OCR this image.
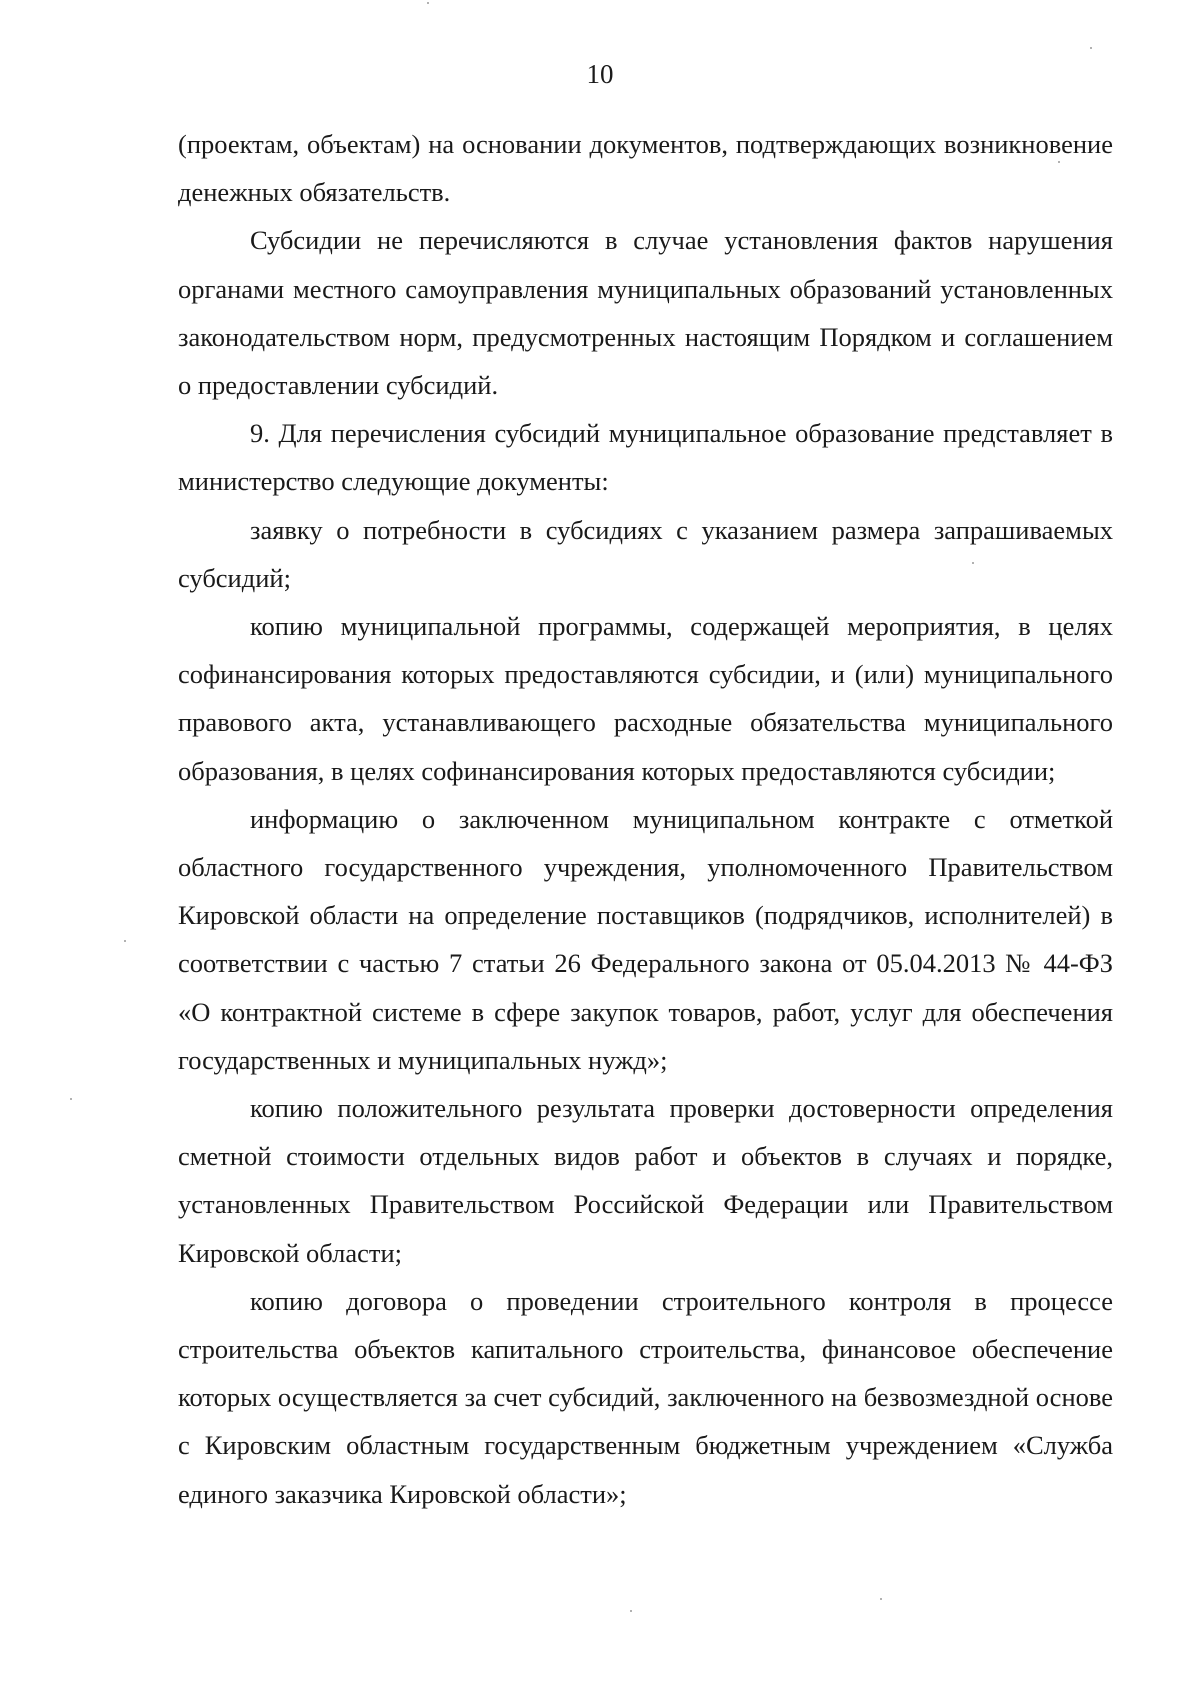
10

(проектам, объектам) на основании документов, подтверждающих возникновение денежных обязательств.

Субсидии не перечисляются в случае установления фактов нарушения органами местного самоуправления муниципальных образований установленных законодательством норм, предусмотренных настоящим Порядком и соглашением о предоставлении субсидий.

9. Для перечисления субсидий муниципальное образование представляет в министерство следующие документы:

заявку о потребности в субсидиях с указанием размера запрашиваемых субсидий;

копию муниципальной программы, содержащей мероприятия, в целях софинансирования которых предоставляются субсидии, и (или) муниципального правового акта, устанавливающего расходные обязательства муниципального образования, в целях софинансирования которых предоставляются субсидии;

информацию о заключенном муниципальном контракте с отметкой областного государственного учреждения, уполномоченного Правительством Кировской области на определение поставщиков (подрядчиков, исполнителей) в соответствии с частью 7 статьи 26 Федерального закона от 05.04.2013 № 44-ФЗ «О контрактной системе в сфере закупок товаров, работ, услуг для обеспечения государственных и муниципальных нужд»;

копию положительного результата проверки достоверности определения сметной стоимости отдельных видов работ и объектов в случаях и порядке, установленных Правительством Российской Федерации или Правительством Кировской области;

копию договора о проведении строительного контроля в процессе строительства объектов капитального строительства, финансовое обеспечение которых осуществляется за счет субсидий, заключенного на безвозмездной основе с Кировским областным государственным бюджетным учреждением «Служба единого заказчика Кировской области»;
